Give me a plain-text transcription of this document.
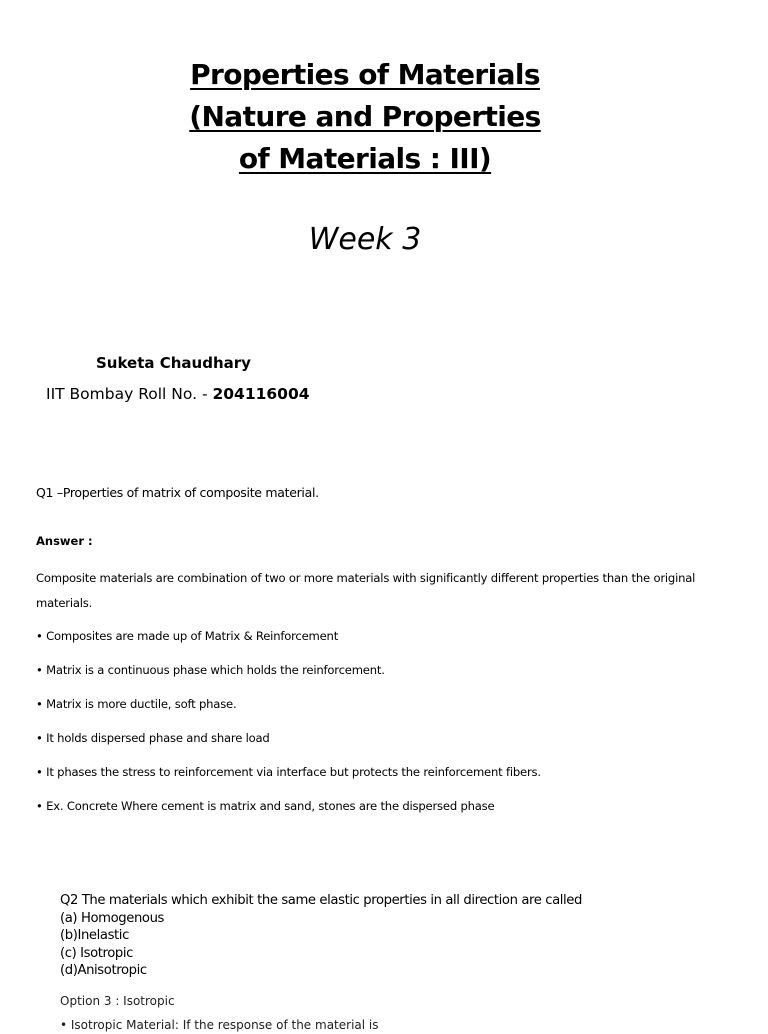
Properties of Materials
(Nature and Properties
of Materials : III)
Week 3
Suketa Chaudhary
IIT Bombay Roll No. - 204116004
Q1 –Properties of matrix of composite material.
Answer :
Composite materials are combination of two or more materials with significantly different properties than the original materials.
• Composites are made up of Matrix & Reinforcement
• Matrix is a continuous phase which holds the reinforcement.
• Matrix is more ductile, soft phase.
• It holds dispersed phase and share load
• It phases the stress to reinforcement via interface but protects the reinforcement fibers.
• Ex. Concrete Where cement is matrix and sand, stones are the dispersed phase
Q2 The materials which exhibit the same elastic properties in all direction are called
(a) Homogenous
(b)Inelastic
(c) Isotropic
(d)Anisotropic
Option 3 : Isotropic
• Isotropic Material: If the response of the material is
